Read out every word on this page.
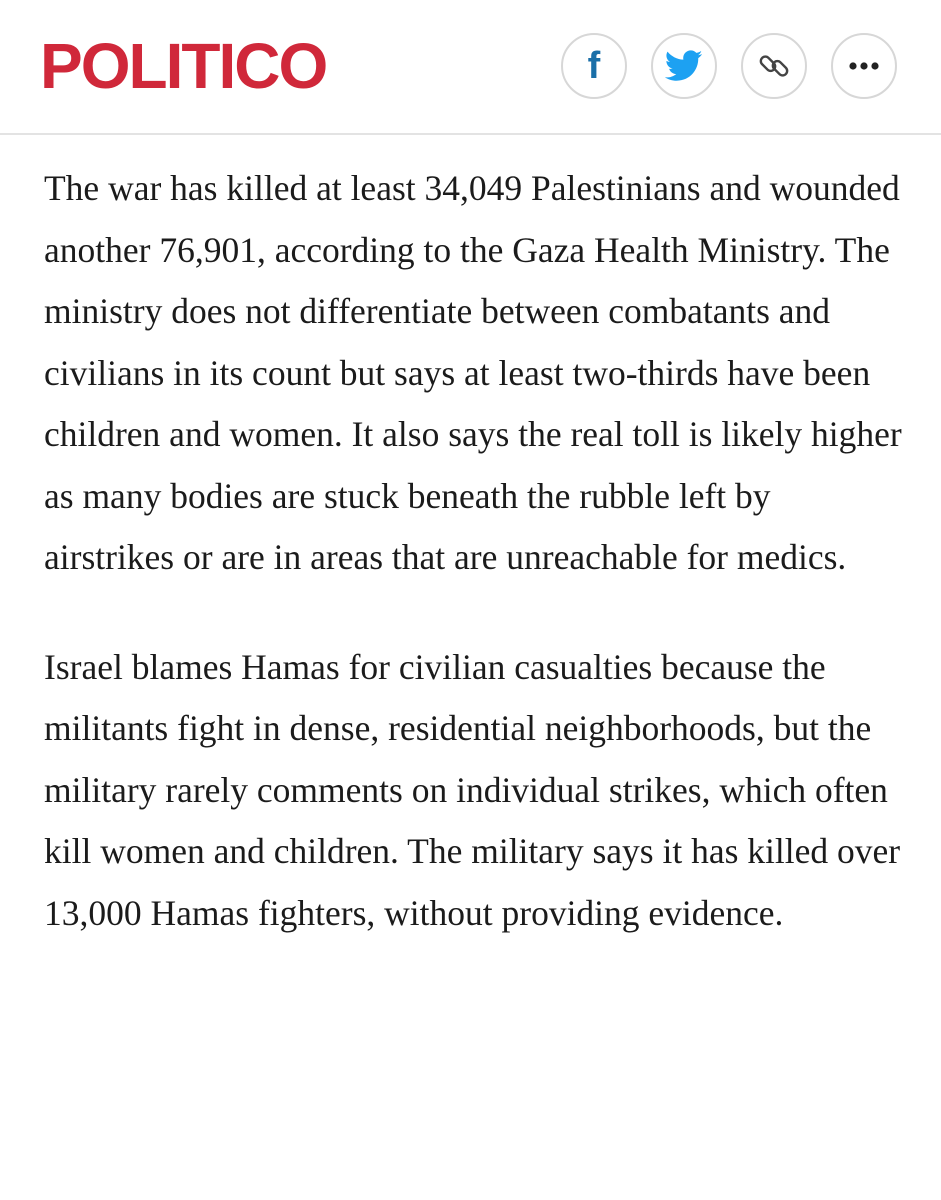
POLITICO	f

The war has killed at least 34,049 Palestinians and wounded another 76,901, according to the Gaza Health Ministry. The ministry does not differentiate between combatants and civilians in its count but says at least two-thirds have been children and women. It also says the real toll is likely higher as many bodies are stuck beneath the rubble left by airstrikes or are in areas that are unreachable for medics.

Israel blames Hamas for civilian casualties because the militants fight in dense, residential neighborhoods, but the military rarely comments on individual strikes, which often kill women and children. The military says it has killed over 13,000 Hamas fighters, without providing evidence.
